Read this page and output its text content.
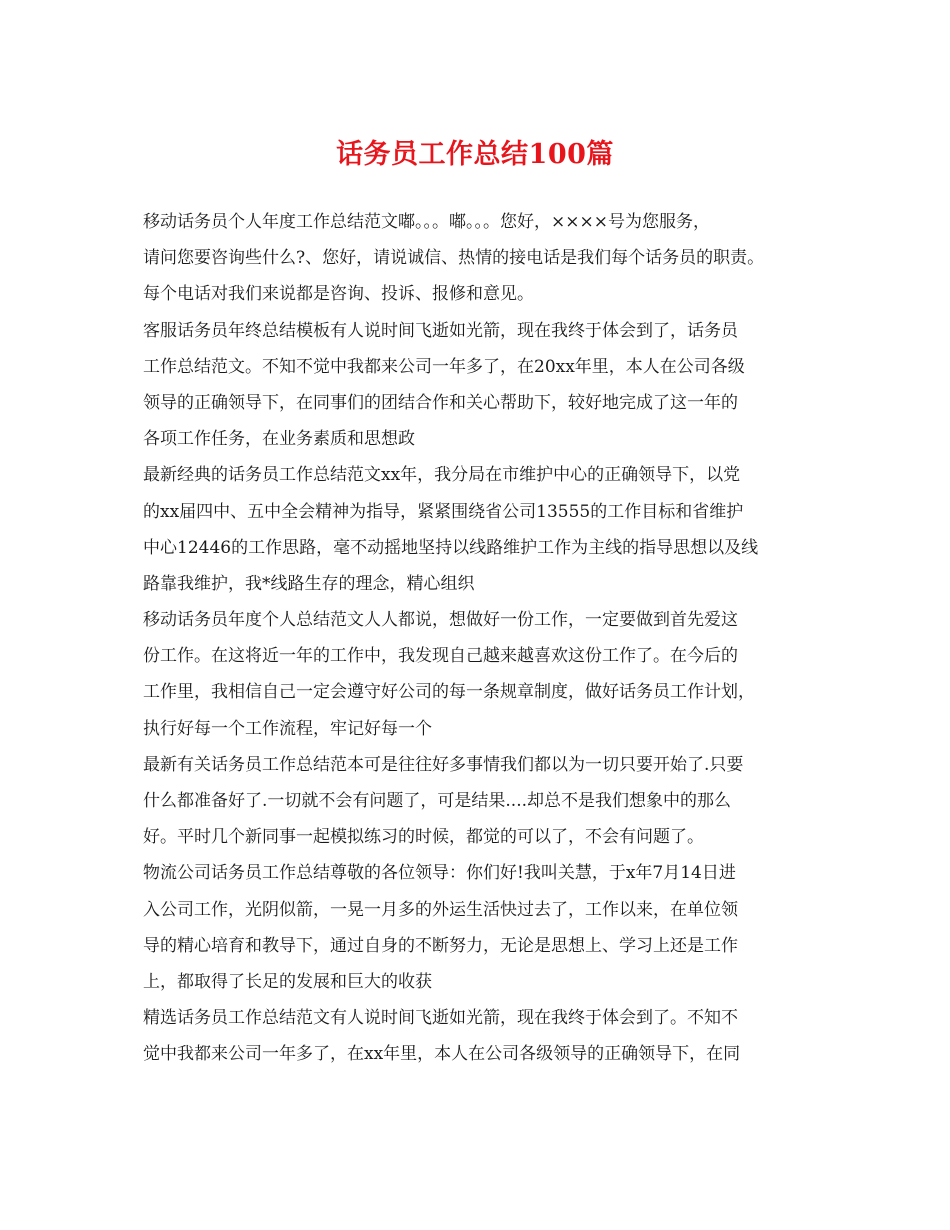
话务员工作总结100篇
移动话务员个人年度工作总结范文嘟。。。嘟。。。您好，××××号为您服务，
请问您要咨询些什么?、您好，请说诚信、热情的接电话是我们每个话务员的职责。
每个电话对我们来说都是咨询、投诉、报修和意见。
客服话务员年终总结模板有人说时间飞逝如光箭，现在我终于体会到了，话务员
工作总结范文。不知不觉中我都来公司一年多了，在20xx年里，本人在公司各级
领导的正确领导下，在同事们的团结合作和关心帮助下，较好地完成了这一年的
各项工作任务，在业务素质和思想政
最新经典的话务员工作总结范文xx年，我分局在市维护中心的正确领导下，以党
的xx届四中、五中全会精神为指导，紧紧围绕省公司13555的工作目标和省维护
中心12446的工作思路，毫不动摇地坚持以线路维护工作为主线的指导思想以及线
路靠我维护，我*线路生存的理念，精心组织
移动话务员年度个人总结范文人人都说，想做好一份工作，一定要做到首先爱这
份工作。在这将近一年的工作中，我发现自己越来越喜欢这份工作了。在今后的
工作里，我相信自己一定会遵守好公司的每一条规章制度，做好话务员工作计划，
执行好每一个工作流程，牢记好每一个
最新有关话务员工作总结范本可是往往好多事情我们都以为一切只要开始了.只要
什么都准备好了.一切就不会有问题了，可是结果....却总不是我们想象中的那么
好。平时几个新同事一起模拟练习的时候，都觉的可以了，不会有问题了。
物流公司话务员工作总结尊敬的各位领导：你们好!我叫关慧，于x年7月14日进
入公司工作，光阴似箭，一晃一月多的外运生活快过去了，工作以来，在单位领
导的精心培育和教导下，通过自身的不断努力，无论是思想上、学习上还是工作
上，都取得了长足的发展和巨大的收获
精选话务员工作总结范文有人说时间飞逝如光箭，现在我终于体会到了。不知不
觉中我都来公司一年多了，在xx年里，本人在公司各级领导的正确领导下，在同
